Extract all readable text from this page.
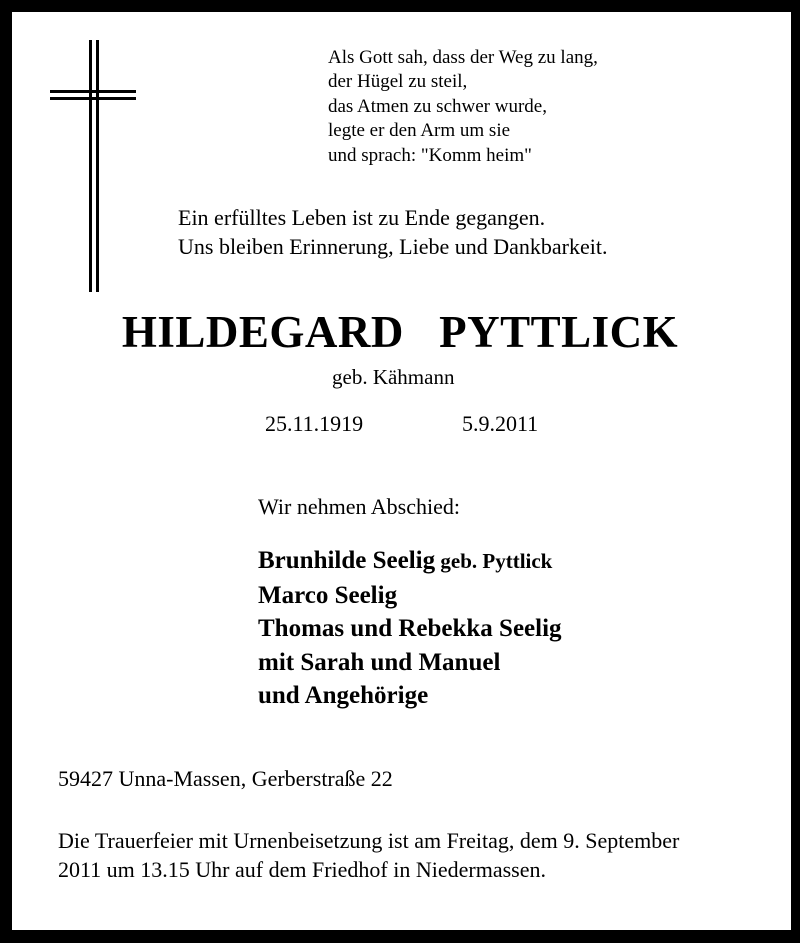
Als Gott sah, dass der Weg zu lang,
der Hügel zu steil,
das Atmen zu schwer wurde,
legte er den Arm um sie
und sprach: "Komm heim"
Ein erfülltes Leben ist zu Ende gegangen.
Uns bleiben Erinnerung, Liebe und Dankbarkeit.
HILDEGARD   PYTTLICK
geb. Kähmann
25.11.1919	5.9.2011
Wir nehmen Abschied:
Brunhilde Seelig geb. Pyttlick
Marco Seelig
Thomas und Rebekka Seelig
mit Sarah und Manuel
und Angehörige
59427 Unna-Massen, Gerberstraße 22
Die Trauerfeier mit Urnenbeisetzung ist am Freitag, dem 9. September
2011 um 13.15 Uhr auf dem Friedhof in Niedermassen.
